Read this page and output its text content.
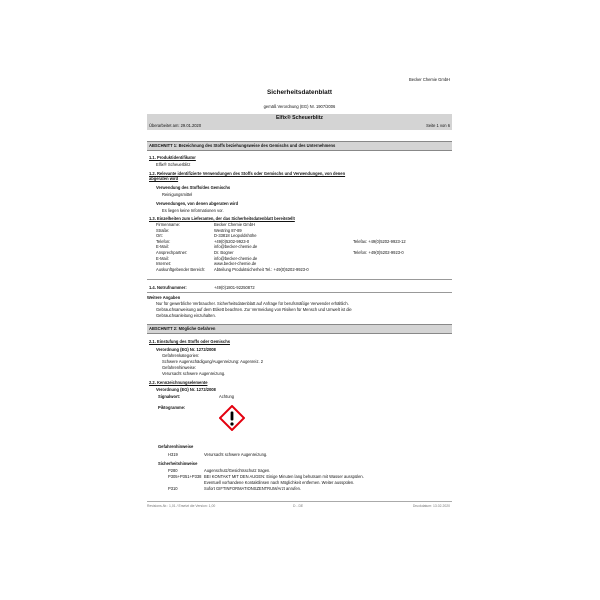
Becker Chemie GmbH
Sicherheitsdatenblatt
gemäß Verordnung (EG) Nr. 1907/2006
Elfix® Scheuerblitz
Überarbeitet am: 29.01.2020	Seite 1 von 6
ABSCHNITT 1: Bezeichnung des Stoffs beziehungsweise des Gemischs und des Unternehmens
1.1. Produktidentifikator
Elfix® Scheuerblitz
1.2. Relevante identifizierte Verwendungen des Stoffs oder Gemischs und Verwendungen, von denen
abgeraten wird
Verwendung des Stoffs/des Gemischs
Reinigungsmittel
Verwendungen, von denen abgeraten wird
Es liegen keine Informationen vor.
1.3. Einzelheiten zum Lieferanten, der das Sicherheitsdatenblatt bereitstellt
Firmenname:	Becker Chemie GmbH
Straße:	Westring 87-89
Ort:	D-33818 Leopoldshöhe
Telefon:	+49(0)5202-9923-0	Telefax: +49(0)5202-9923-12
E-Mail:	info@becker-chemie.de
Ansprechpartner:	Dr. Bogner	Telefon: +49(0)5202-9923-0
E-Mail:	info@becker-chemie.de
Internet:	www.becker-chemie.de
Auskunftgebender Bereich: Abteilung Produktsicherheit Tel.: +49(0)5202-9923-0
1.4. Notrufnummer:	+49(0)1801-92250872
Weitere Angaben
Nur für gewerbliche Verbraucher. Sicherheitsdatenblatt auf Anfrage für berufsmäßige Verwender erhältlich.
Gebrauchsanweisung auf dem Etikett beachten. Zur Vermeidung von Risiken für Mensch und Umwelt ist die
Gebrauchsanleitung einzuhalten.
ABSCHNITT 2: Mögliche Gefahren
2.1. Einstufung des Stoffs oder Gemischs
Verordnung (EG) Nr. 1272/2008
Gefahrenkategorien:
Schwere Augenschädigung/Augenreizung: Augenreiz. 2
Gefahrenhinweise:
Verursacht schwere Augenreizung.
2.2. Kennzeichnungselemente
Verordnung (EG) Nr. 1272/2008
Signalwort:	Achtung
Piktogramme:
Gefahrenhinweise
H319	Verursacht schwere Augenreizung.
Sicherheitshinweise
P280	Augenschutz/Gesichtsschutz tragen.
P305+P351+P338 BEI KONTAKT MIT DEN AUGEN: Einige Minuten lang behutsam mit Wasser ausspülen.
Eventuell vorhandene Kontaktlinsen nach Möglichkeit entfernen. Weiter ausspülen.
P310	Sofort GIFTINFORMATIONSZENTRUM/Arzt anrufen.
Revisions-Nr.: 1,01 / Ersetzt die Version: 1,00	D - DE	Druckdatum: 13.02.2020
